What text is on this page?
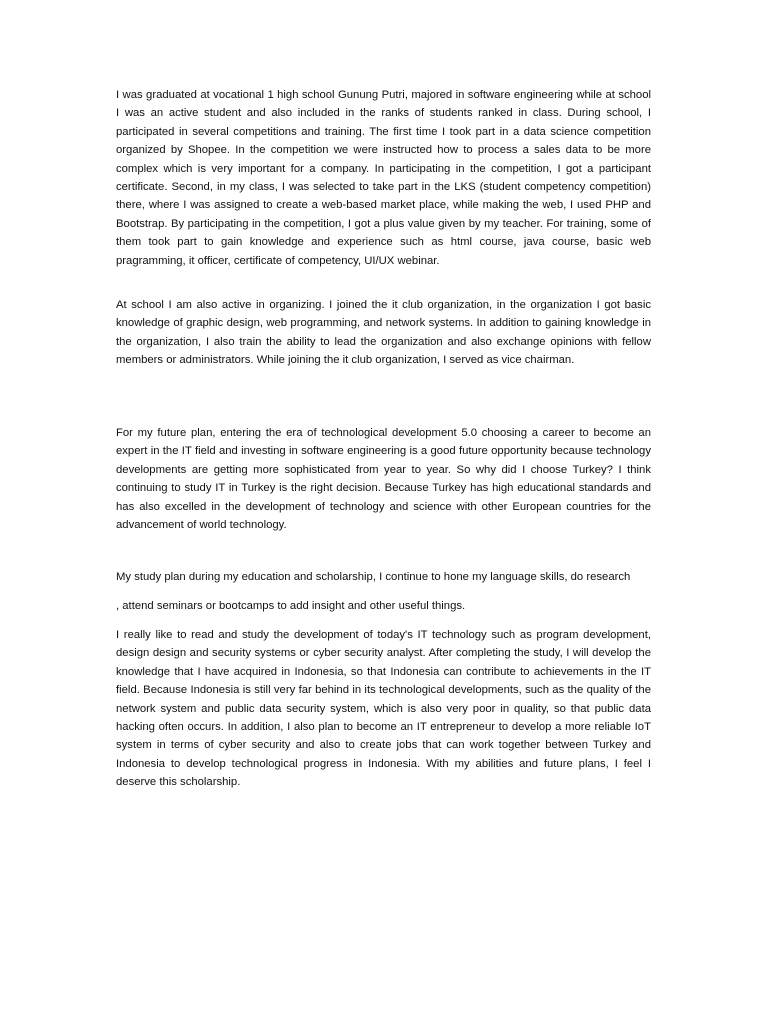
I was graduated at vocational 1 high school Gunung Putri, majored in software engineering while at school I was an active student and also included in the ranks of students ranked in class. During school, I participated in several competitions and training. The first time I took part in a data science competition organized by Shopee. In the competition we were instructed how to process a sales data to be more complex which is very important for a company. In participating in the competition, I got a participant certificate. Second, in my class, I was selected to take part in the LKS (student competency competition) there, where I was assigned to create a web-based market place, while making the web, I used PHP and Bootstrap. By participating in the competition, I got a plus value given by my teacher. For training, some of them took part to gain knowledge and experience such as html course, java course, basic web pragramming, it officer, certificate of competency, UI/UX webinar.

At school I am also active in organizing. I joined the it club organization, in the organization I got basic knowledge of graphic design, web programming, and network systems. In addition to gaining knowledge in the organization, I also train the ability to lead the organization and also exchange opinions with fellow members or administrators. While joining the it club organization, I served as vice chairman.

For my future plan, entering the era of technological development 5.0 choosing a career to become an expert in the IT field and investing in software engineering is a good future opportunity because technology developments are getting more sophisticated from year to year. So why did I choose Turkey? I think continuing to study IT in Turkey is the right decision. Because Turkey has high educational standards and has also excelled in the development of technology and science with other European countries for the advancement of world technology.

My study plan during my education and scholarship, I continue to hone my language skills, do research

, attend seminars or bootcamps to add insight and other useful things.

I really like to read and study the development of today's IT technology such as program development, design design and security systems or cyber security analyst. After completing the study, I will develop the knowledge that I have acquired in Indonesia, so that Indonesia can contribute to achievements in the IT field. Because Indonesia is still very far behind in its technological developments, such as the quality of the network system and public data security system, which is also very poor in quality, so that public data hacking often occurs. In addition, I also plan to become an IT entrepreneur to develop a more reliable IoT system in terms of cyber security and also to create jobs that can work together between Turkey and Indonesia to develop technological progress in Indonesia. With my abilities and future plans, I feel I deserve this scholarship.
